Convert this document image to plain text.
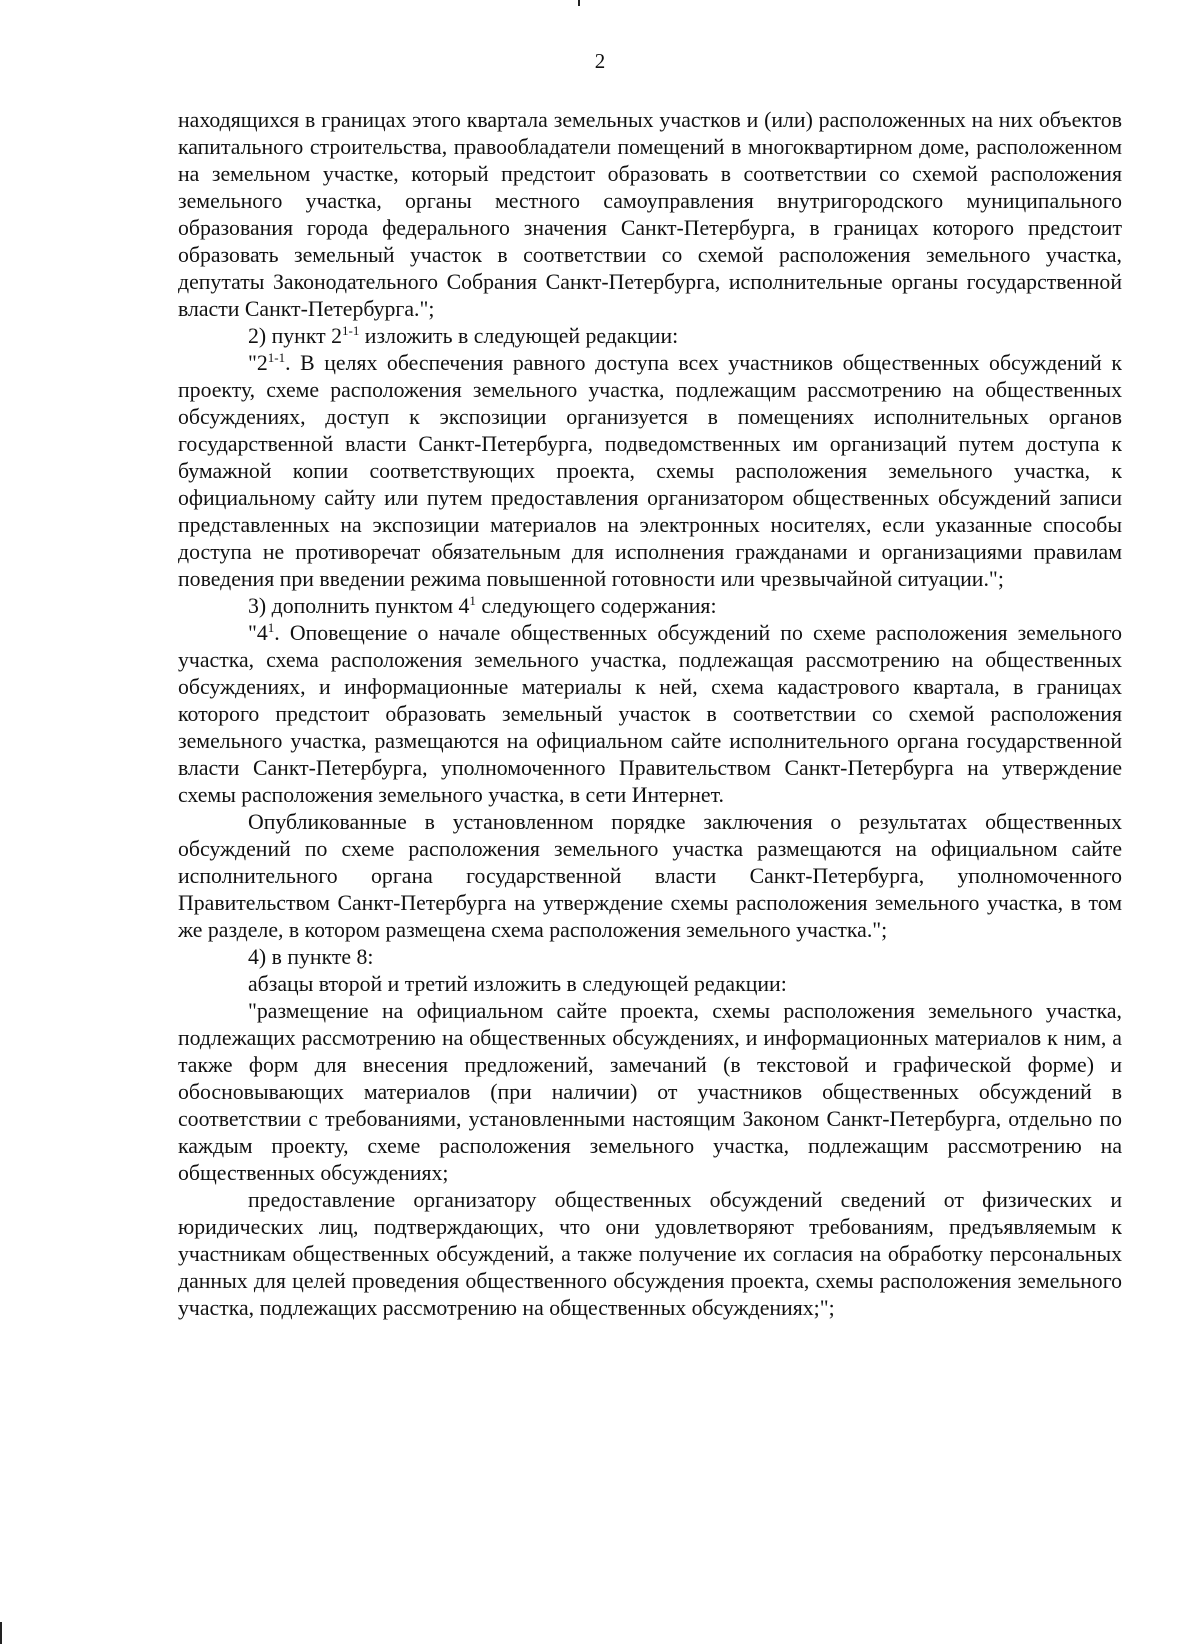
2

находящихся в границах этого квартала земельных участков и (или) расположенных на них объектов капитального строительства, правообладатели помещений в многоквартирном доме, расположенном на земельном участке, который предстоит образовать в соответствии со схемой расположения земельного участка, органы местного самоуправления внутригородского муниципального образования города федерального значения Санкт-Петербурга, в границах которого предстоит образовать земельный участок в соответствии со схемой расположения земельного участка, депутаты Законодательного Собрания Санкт-Петербурга, исполнительные органы государственной власти Санкт-Петербурга.";

2) пункт 2$^{1-1}$ изложить в следующей редакции:

"2$^{1-1}$. В целях обеспечения равного доступа всех участников общественных обсуждений к проекту, схеме расположения земельного участка, подлежащим рассмотрению на общественных обсуждениях, доступ к экспозиции организуется в помещениях исполнительных органов государственной власти Санкт-Петербурга, подведомственных им организаций путем доступа к бумажной копии соответствующих проекта, схемы расположения земельного участка, к официальному сайту или путем предоставления организатором общественных обсуждений записи представленных на экспозиции материалов на электронных носителях, если указанные способы доступа не противоречат обязательным для исполнения гражданами и организациями правилам поведения при введении режима повышенной готовности или чрезвычайной ситуации.";

3) дополнить пунктом $4^1$ следующего содержания:

"$4^1$. Оповещение о начале общественных обсуждений по схеме расположения земельного участка, схема расположения земельного участка, подлежащая рассмотрению на общественных обсуждениях, и информационные материалы к ней, схема кадастрового квартала, в границах которого предстоит образовать земельный участок в соответствии со схемой расположения земельного участка, размещаются на официальном сайте исполнительного органа государственной власти Санкт-Петербурга, уполномоченного Правительством Санкт-Петербурга на утверждение схемы расположения земельного участка, в сети Интернет.

Опубликованные в установленном порядке заключения о результатах общественных обсуждений по схеме расположения земельного участка размещаются на официальном сайте исполнительного органа государственной власти Санкт-Петербурга, уполномоченного Правительством Санкт-Петербурга на утверждение схемы расположения земельного участка, в том же разделе, в котором размещена схема расположения земельного участка.";

4) в пункте 8:

абзацы второй и третий изложить в следующей редакции:

"размещение на официальном сайте проекта, схемы расположения земельного участка, подлежащих рассмотрению на общественных обсуждениях, и информационных материалов к ним, а также форм для внесения предложений, замечаний (в текстовой и графической форме) и обосновывающих материалов (при наличии) от участников общественных обсуждений в соответствии с требованиями, установленными настоящим Законом Санкт-Петербурга, отдельно по каждым проекту, схеме расположения земельного участка, подлежащим рассмотрению на общественных обсуждениях;

предоставление организатору общественных обсуждений сведений от физических и юридических лиц, подтверждающих, что они удовлетворяют требованиям, предъявляемым к участникам общественных обсуждений, а также получение их согласия на обработку персональных данных для целей проведения общественного обсуждения проекта, схемы расположения земельного участка, подлежащих рассмотрению на общественных обсуждениях;";
